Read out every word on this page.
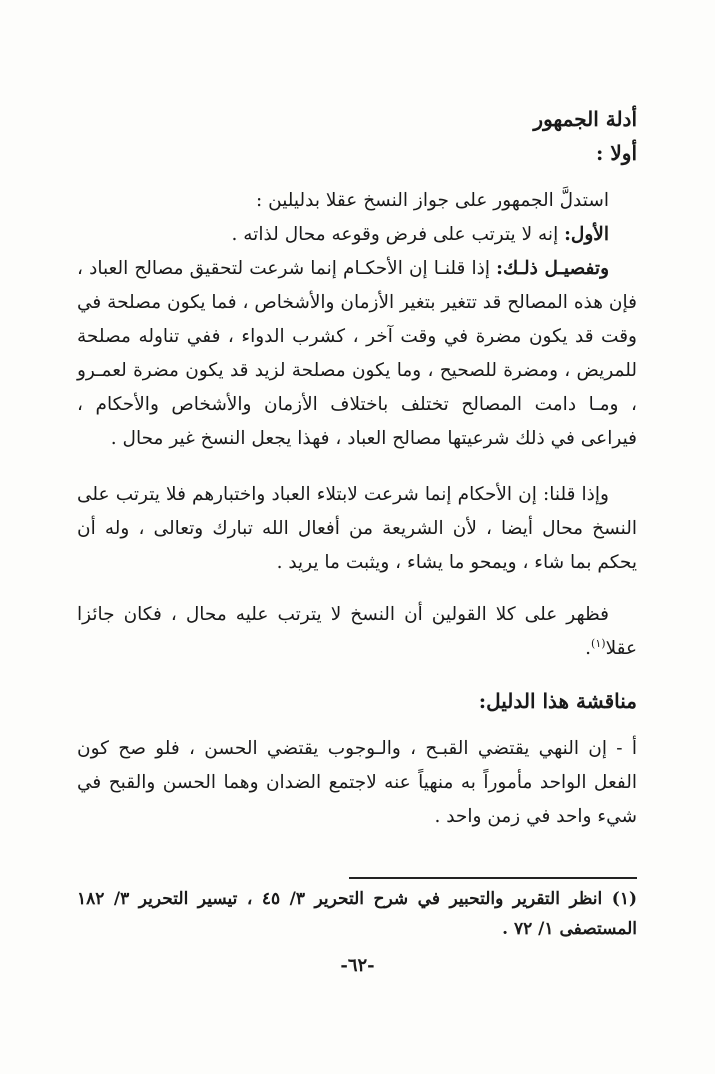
أدلة الجمهور

أولا :

استدلَّ الجمهور على جواز النسخ عقلا بدليلين :

الأول: إنه لا يترتب على فرض وقوعه محال لذاته .

وتفصيـل ذلـك: إذا قلنـا إن الأحكـام إنما شرعت لتحقيق مصالح العباد ، فإن هذه المصالح قد تتغير بتغير الأزمان والأشخاص ، فما يكون مصلحة في وقت قد يكون مضرة في وقت آخر ، كشرب الدواء ، ففي تناوله مصلحة للمريض ، ومضرة للصحيح ، وما يكون مصلحة لزيد قد يكون مضرة لعمـرو ، ومـا دامت المصالح تختلف باختلاف الأزمان والأشخاص والأحكام ، فيراعى في ذلك شرعيتها مصالح العباد ، فهذا يجعل النسخ غير محال .

وإذا قلنا: إن الأحكام إنما شرعت لابتلاء العباد واختبارهم فلا يترتب على النسخ محال أيضا ، لأن الشريعة من أفعال الله تبارك وتعالى ، وله أن يحكم بما شاء ، ويمحو ما يشاء ، ويثبت ما يريد .

فظهر على كلا القولين أن النسخ لا يترتب عليه محال ، فكان جائزا عقلا$^{(١)}$.

مناقشة هذا الدليل:

أ - إن النهي يقتضي القبـح ، والـوجوب يقتضي الحسن ، فلو صح كون الفعل الواحد مأموراً به منهياً عنه لاجتمع الضدان وهما الحسن والقبح في شيء واحد في زمن واحد .

(١) انظر التقرير والتحبير في شرح التحرير ٣/ ٤٥ ، تيسير التحرير ٣/ ١٨٢ المستصفى ١/ ٧٢ .
-٦٢-
